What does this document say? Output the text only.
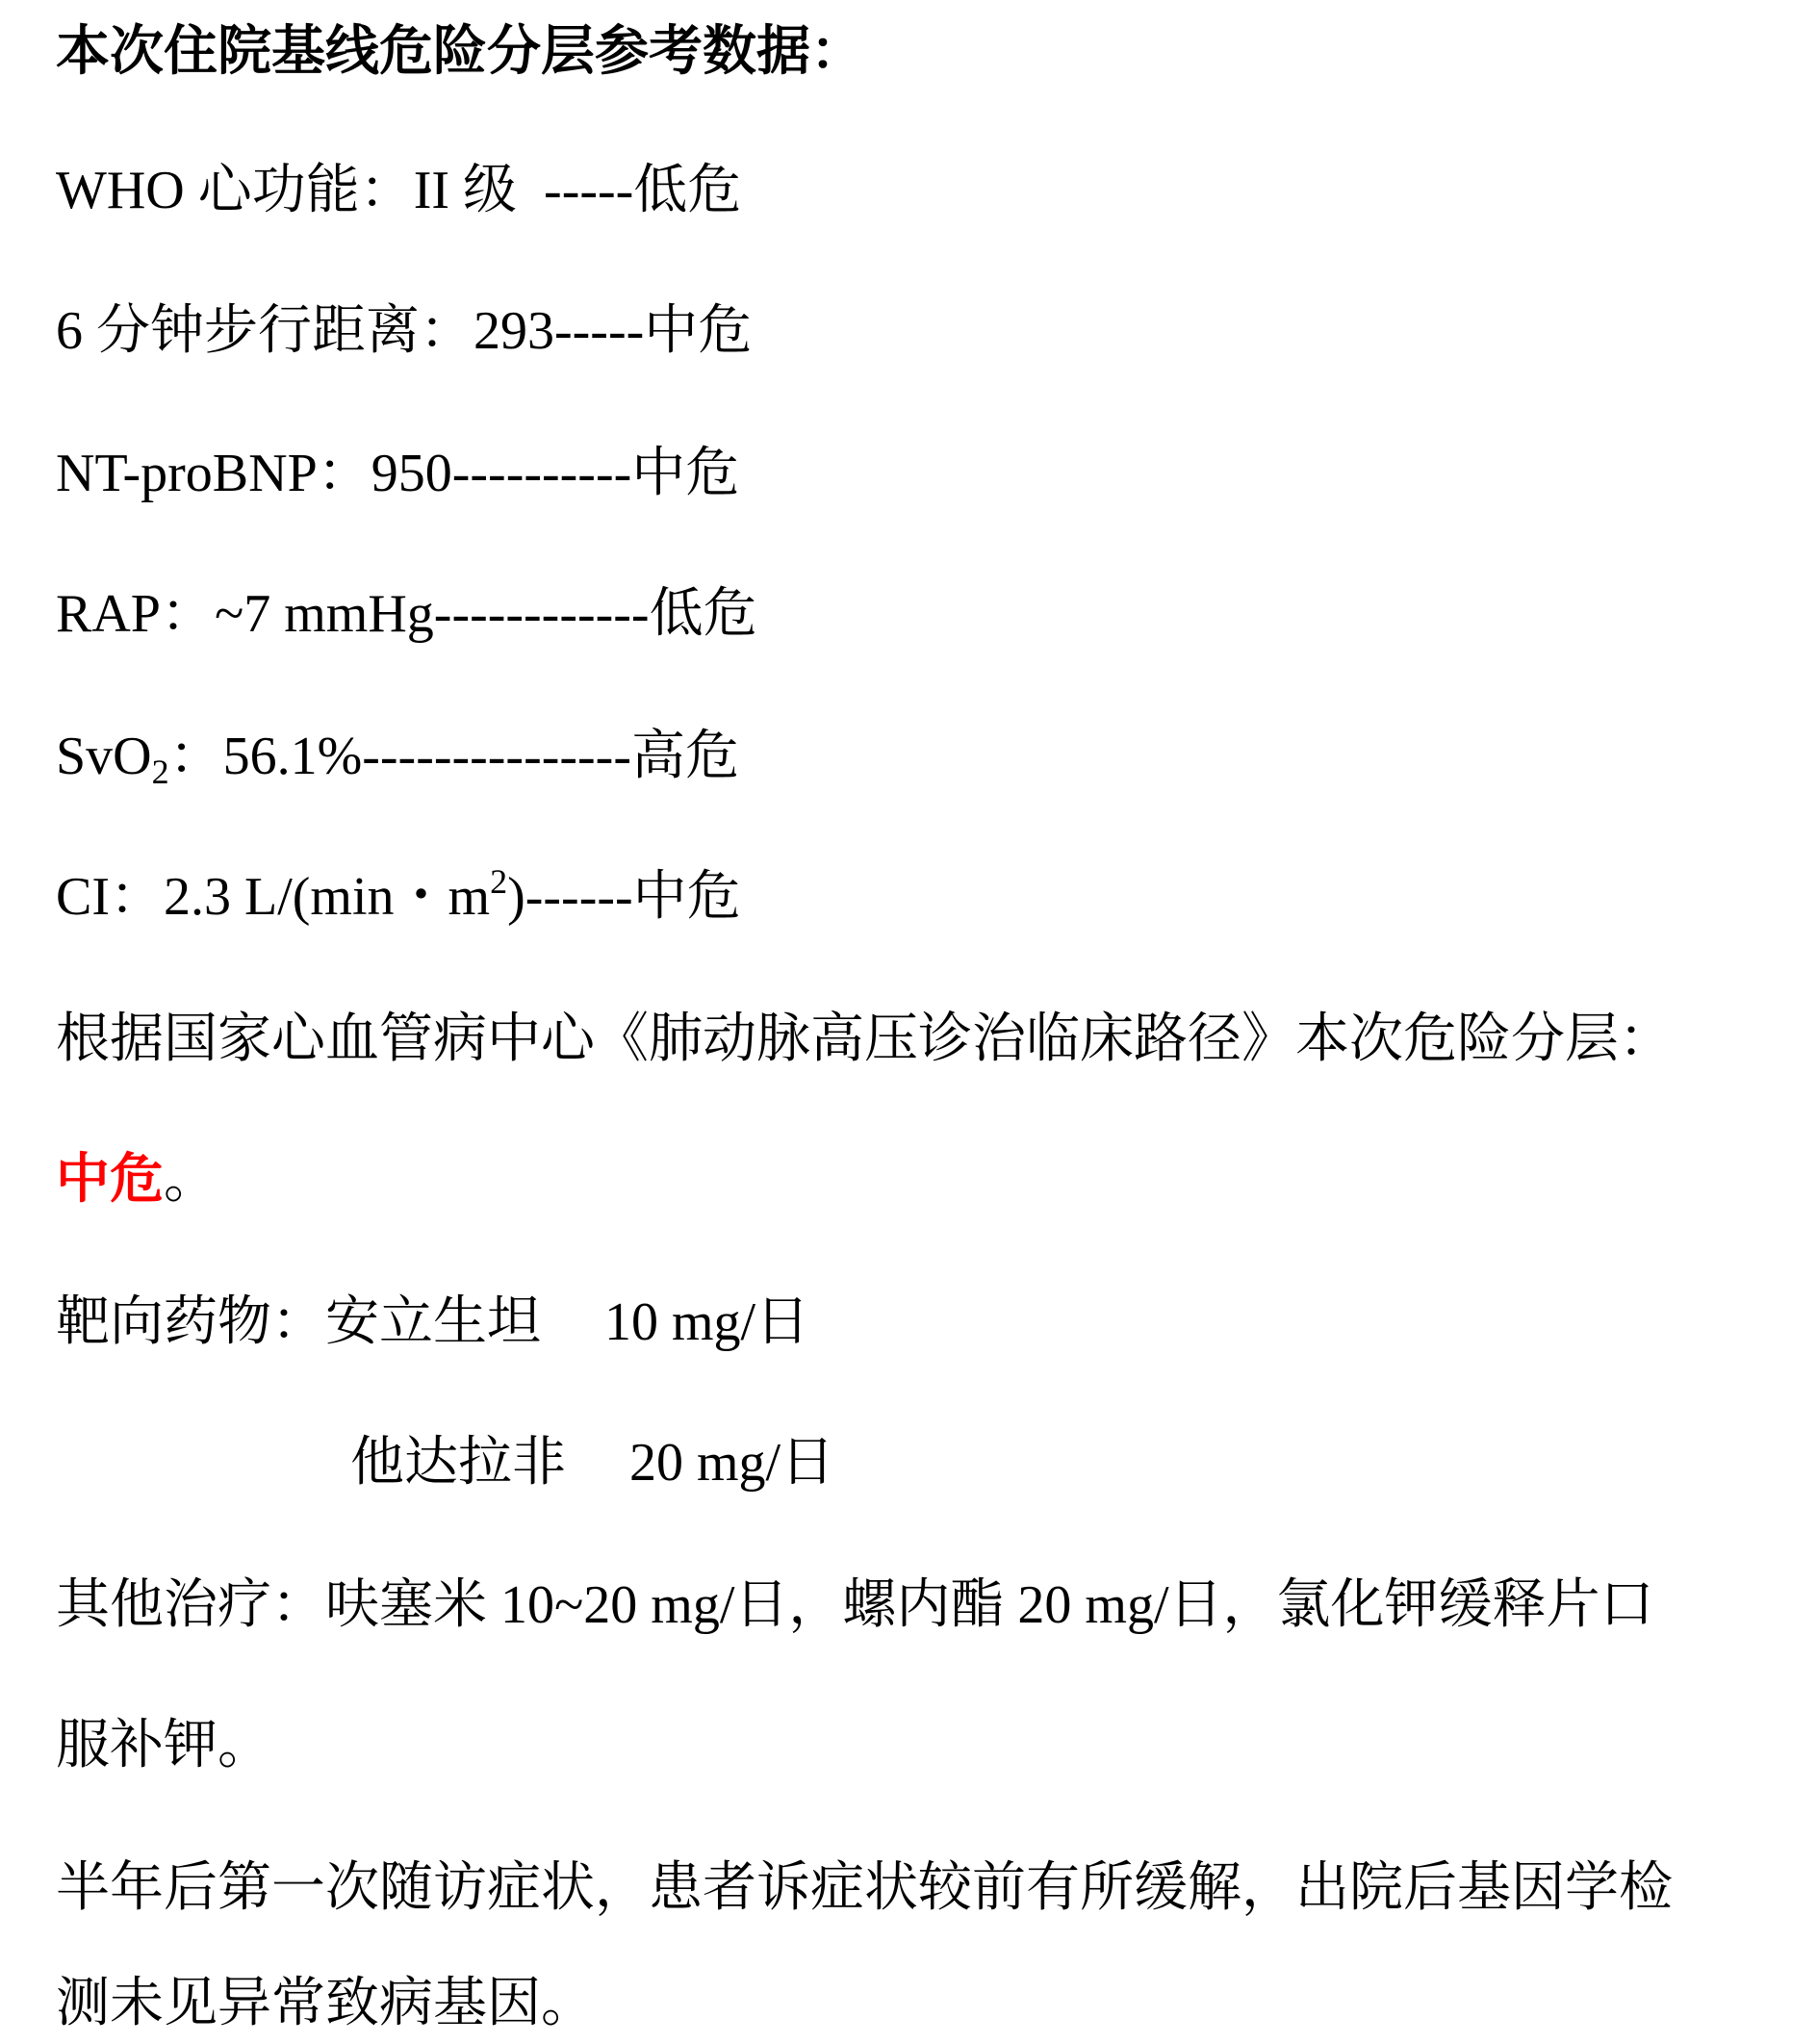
本次住院基线危险分层参考数据：
WHO 心功能：II 级  -----低危
6 分钟步行距离：293-----中危
NT-proBNP：950----------中危
RAP：~7 mmHg------------低危
SvO$_2$：56.1%---------------高危
CI：2.3 L/(min・$m^2)------$中危
根据国家心血管病中心《肺动脉高压诊治临床路径》本次危险分层：
中危。
靶向药物：安立生坦 10 mg/日
他达拉非 20 mg/日
其他治疗：呋塞米 10~20 mg/日，螺内酯 20 mg/日，氯化钾缓释片口
服补钾。
半年后第一次随访症状，患者诉症状较前有所缓解，出院后基因学检
测未见异常致病基因。
